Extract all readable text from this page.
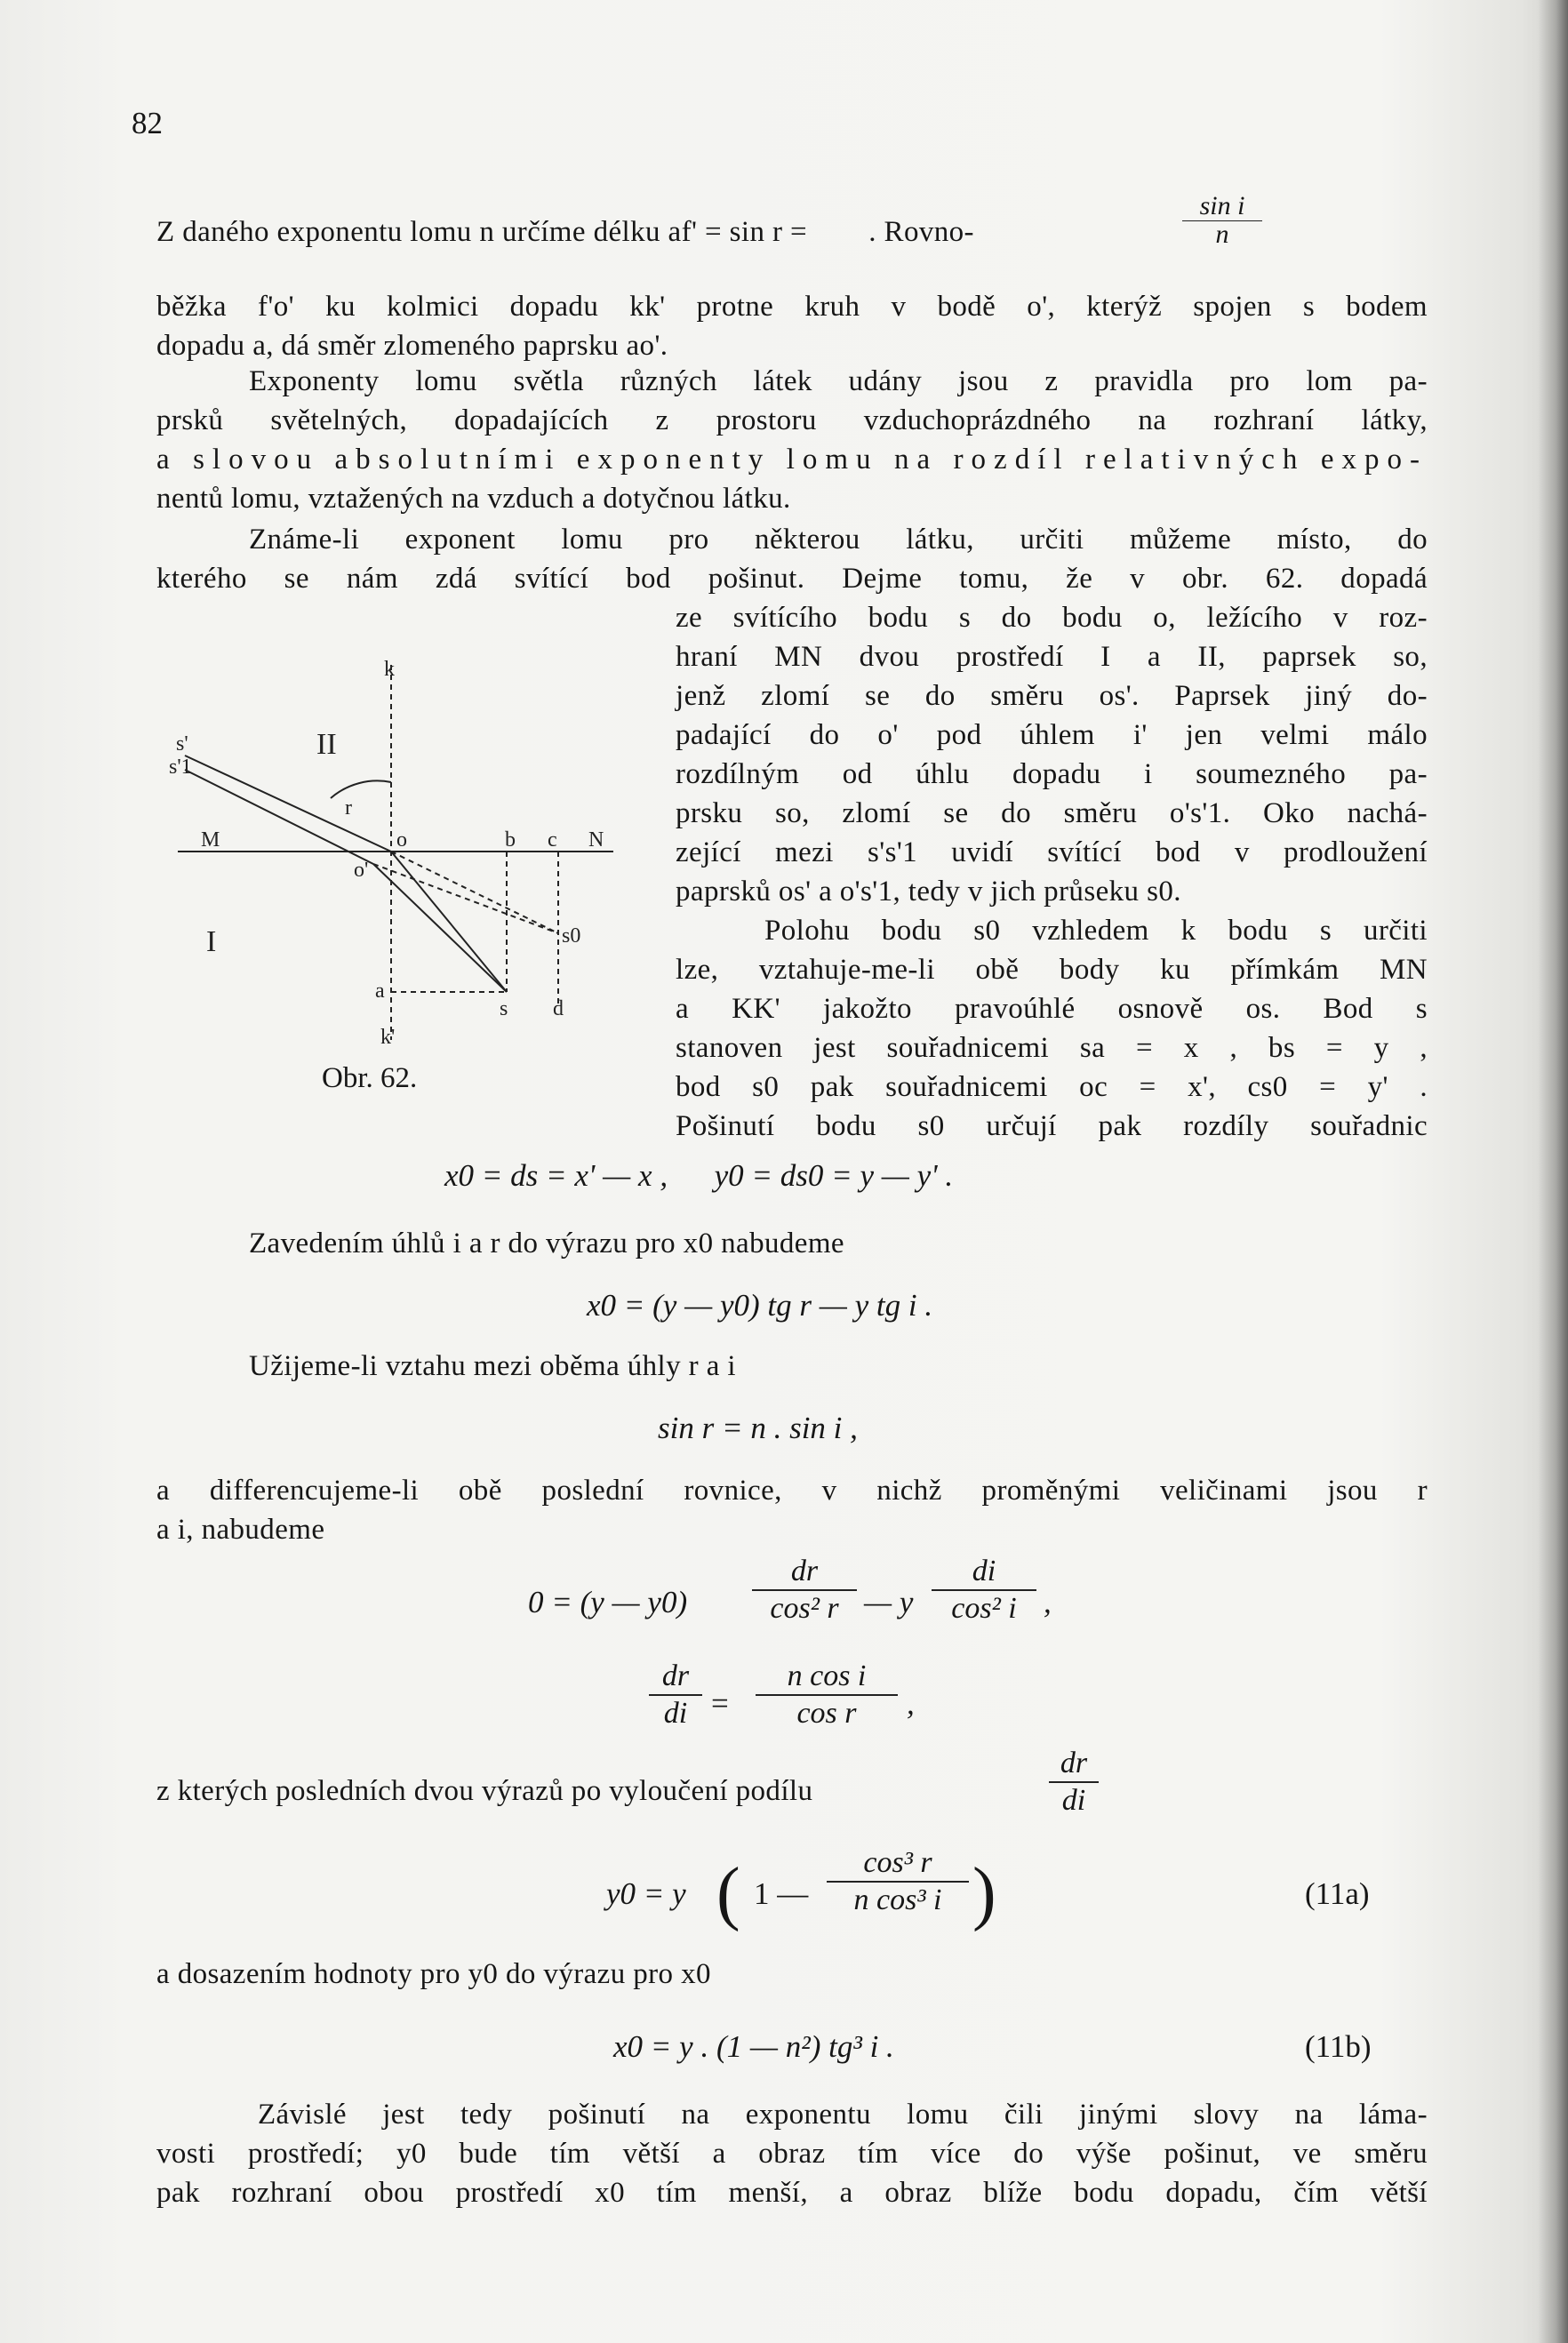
82
Z daného exponentu lomu n určíme délku af' = sin r =        . Rovno-
sin i
n
běžka f'o' ku kolmici dopadu kk' protne kruh v bodě o', kterýž spojen s bodem
dopadu a, dá směr zlomeného paprsku ao'.
Exponenty lomu světla různých látek udány jsou z pravidla pro lom pa-
prsků světelných, dopadajících z prostoru vzduchoprázdného na rozhraní látky,
a slovou absolutními exponenty lomu na rozdíl relativných expo-
nentů lomu, vztažených na vzduch a dotyčnou látku.
Známe-li exponent lomu pro některou látku, určiti můžeme místo, do
kterého se nám zdá svítící bod pošinut. Dejme tomu, že v obr. 62. dopadá
k
II
s'
s'1
r
M	o	b c N
o'
I	s0
a
s d
k'
Obr. 62.
ze svítícího bodu s do bodu o, ležícího v roz-
hraní MN dvou prostředí I a II, paprsek so,
jenž zlomí se do směru os'. Paprsek jiný do-
padající do o' pod úhlem i' jen velmi málo
rozdílným od úhlu dopadu i soumezného pa-
prsku so, zlomí se do směru o's'1. Oko nachá-
zející mezi s's'1 uvidí svítící bod v prodloužení
paprsků os' a o's'1, tedy v jich průseku s0.
Polohu bodu s0 vzhledem k bodu s určiti
lze, vztahuje-me-li obě body ku přímkám MN
a KK' jakožto pravoúhlé osnově os. Bod s
stanoven jest souřadnicemi sa = x , bs = y ,
bod s0 pak souřadnicemi oc = x', cs0 = y' .
Pošinutí bodu s0 určují pak rozdíly souřadnic
x0 = ds = x' — x ,      y0 = ds0 = y — y' .
Zavedením úhlů i a r do výrazu pro x0 nabudeme
x0 = (y — y0) tg r — y tg i .
Užijeme-li vztahu mezi oběma úhly r a i
sin r = n . sin i ,
a differencujeme-li obě poslední rovnice, v nichž proměnými veličinami jsou r
a i, nabudeme
0 = (y — y0)
dr
cos² r — y
di
cos² i ,
dr
di =
n cos i
cos r	,
z kterých posledních dvou výrazů po vyloučení podílu
dr
di
y0 = y ( 1 —
cos³ r
n cos³ i )	(11a)
a dosazením hodnoty pro y0 do výrazu pro x0
x0 = y . (1 — n²) tg³ i .	(11b)
Závislé jest tedy pošinutí na exponentu lomu čili jinými slovy na láma-
vosti prostředí; y0 bude tím větší a obraz tím více do výše pošinut, ve směru
pak rozhraní obou prostředí x0 tím menší, a obraz blíže bodu dopadu, čím větší
